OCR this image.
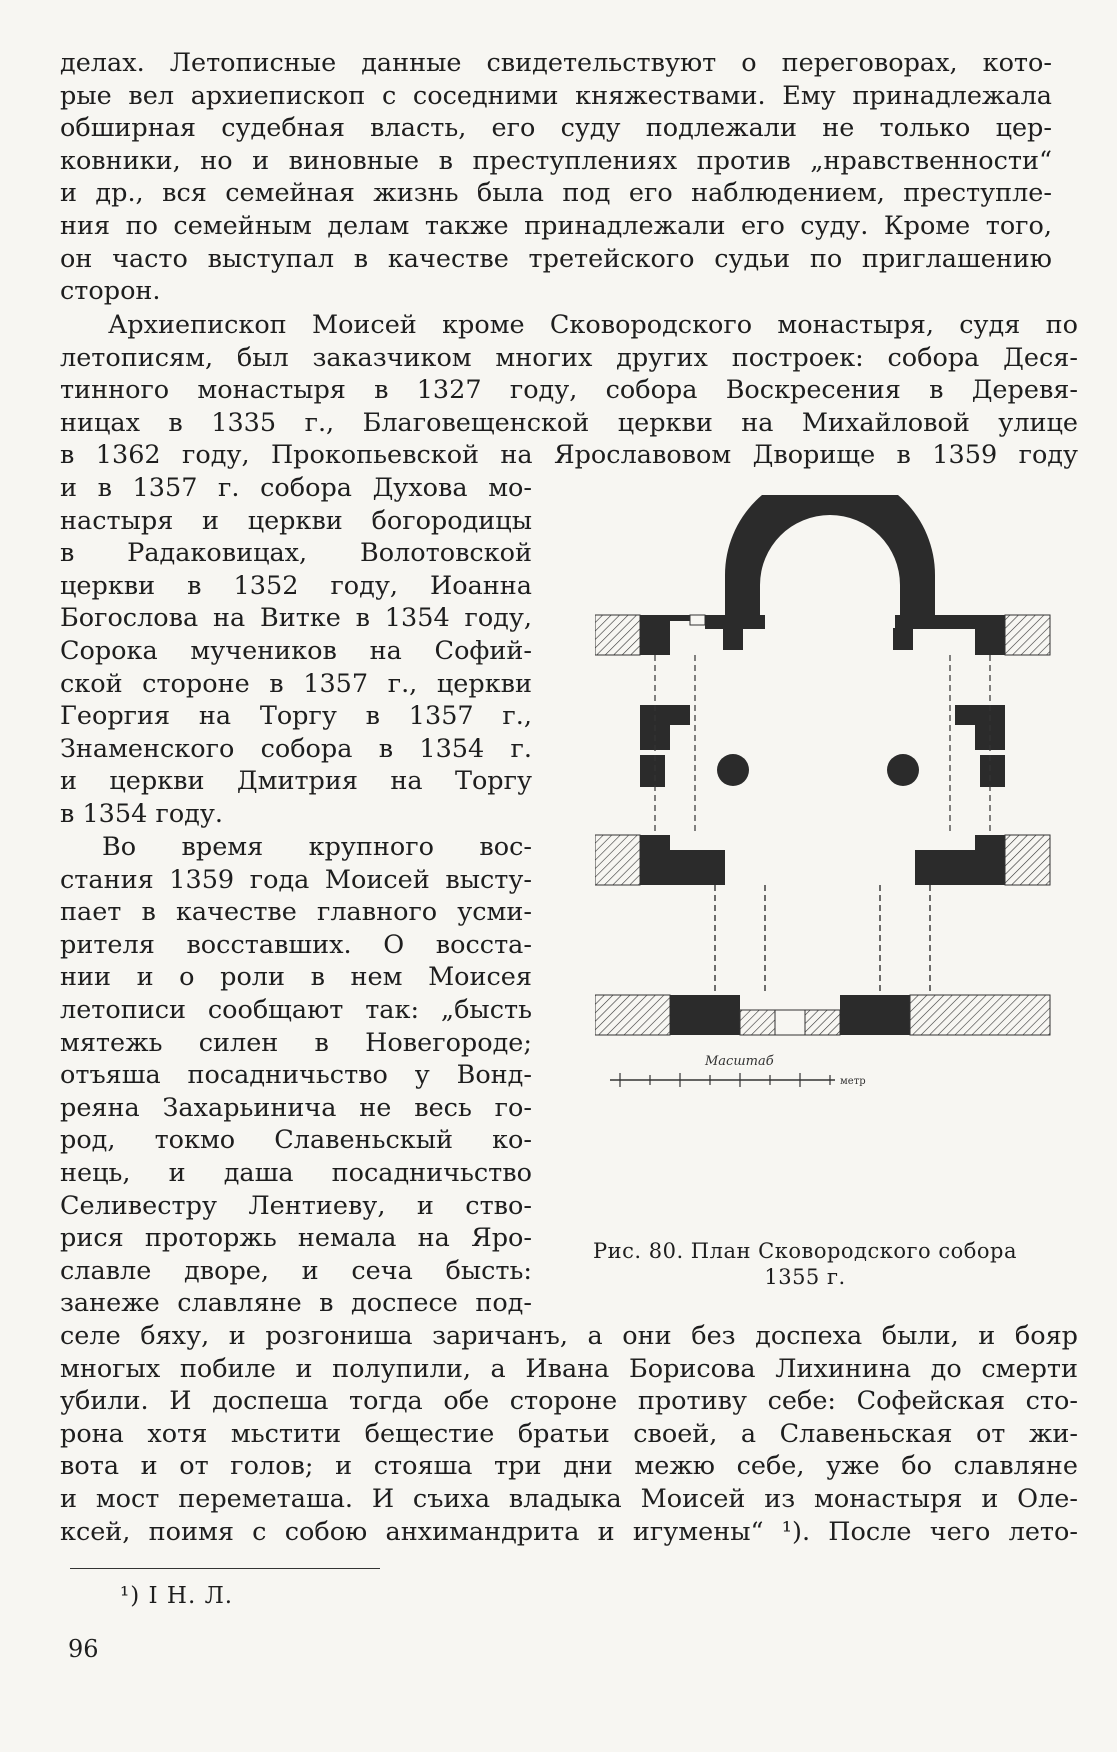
делах. Летописные данные свидетельствуют о переговорах, кото-
рые вел архиепископ с соседними княжествами. Ему принадлежала
обширная судебная власть, его суду подлежали не только цер-
ковники, но и виновные в преступлениях против „нравственности“
и др., вся семейная жизнь была под его наблюдением, преступле-
ния по семейным делам также принадлежали его суду. Кроме того,
он часто выступал в качестве третейского судьи по приглашению
сторон.
Архиепископ Моисей кроме Сковородского монастыря, судя по
летописям, был заказчиком многих других построек: собора Деся-
тинного монастыря в 1327 году, собора Воскресения в Деревя-
ницах в 1335 г., Благовещенской церкви на Михайловой улице
в 1362 году, Прокопьевской на Ярославовом Дворище в 1359 году
и в 1357 г. собора Духова мо-
настыря и церкви богородицы
в Радаковицах, Волотовской
церкви в 1352 году, Иоанна
Богослова на Витке в 1354 году,
Сорока мучеников на Софий-
ской стороне в 1357 г., церкви
Георгия на Торгу в 1357 г.,
Знаменского собора в 1354 г.
и церкви Дмитрия на Торгу
в 1354 году.
Во время крупного вос-
стания 1359 года Моисей высту-
пает в качестве главного усми-
рителя восставших. О восста-
нии и о роли в нем Моисея
летописи сообщают так: „бысть
мятежь силен в Новегороде;
отъяша посадничьство у Вонд-
реяна Захарьинича не весь го-
род, токмо Славеньскый ко-
нець, и даша посадничьство
Селивестру Лентиеву, и ство-
рися проторжь немала на Яро-
славле дворе, и сеча бысть:
занеже славляне в доспесе под-
селе бяху, и розгониша заричанъ, а они без доспеха были, и бояр
многых побиле и полупили, а Ивана Борисова Лихинина до смерти
убили. И доспеша тогда обе стороне противу себе: Софейская сто-
рона хотя мьстити бещестие братьи своей, а Славеньская от жи-
вота и от голов; и стояша три дни межю себе, уже бо славляне
и мост переметаша. И съиха владыка Моисей из монастыря и Оле-
ксей, поимя с собою анхимандрита и игумены“ ¹). После чего лето-
Масштаб
метр
Рис. 80. План Сковородского собора
1355 г.
¹) I Н. Л.
96
